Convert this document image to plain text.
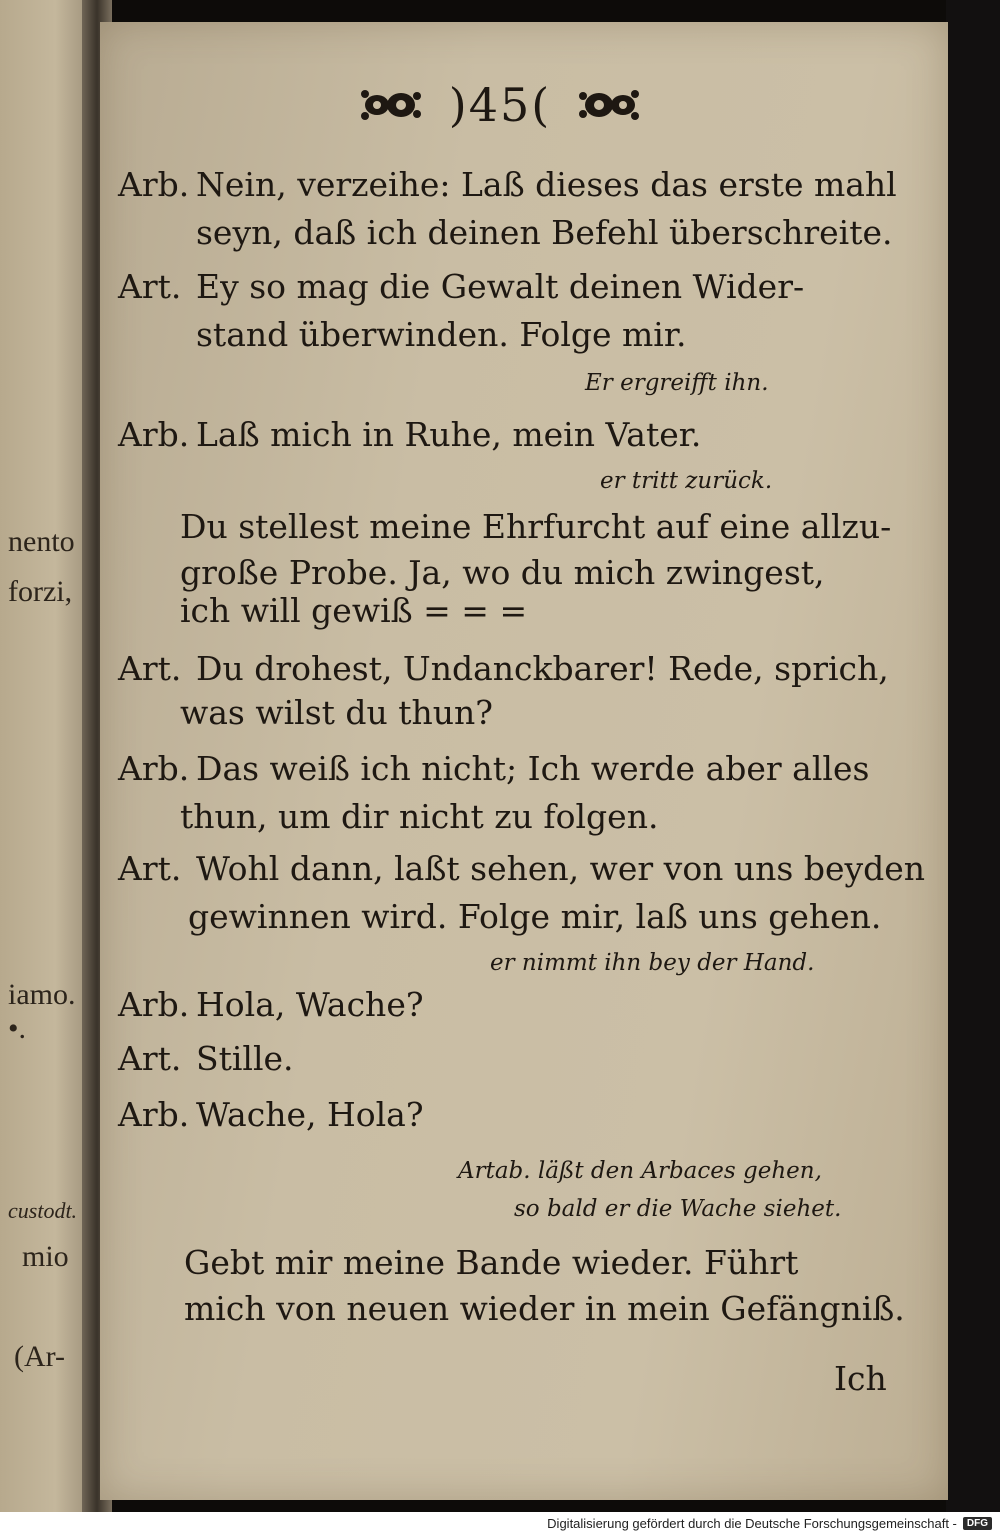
nento
forzi,
iamo.
•.
custodt.
mio
(Ar-
)45(
Arb. Nein, verzeihe: Laß dieses das erste mahl
seyn, daß ich deinen Befehl überschreite.
Art. Ey so mag die Gewalt deinen Wider-
stand überwinden. Folge mir.
Er ergreifft ihn.
Arb. Laß mich in Ruhe, mein Vater.
er tritt zurück.
Du stellest meine Ehrfurcht auf eine allzu-
große Probe. Ja, wo du mich zwingest,
ich will gewiß = = =
Art. Du drohest, Undanckbarer! Rede, sprich,
was wilst du thun?
Arb. Das weiß ich nicht; Ich werde aber alles
thun, um dir nicht zu folgen.
Art. Wohl dann, laßt sehen, wer von uns beyden
gewinnen wird. Folge mir, laß uns gehen.
er nimmt ihn bey der Hand.
Arb. Hola, Wache?
Art. Stille.
Arb. Wache, Hola?
Artab. läßt den Arbaces gehen,
so bald er die Wache siehet.
Gebt mir meine Bande wieder. Führt
mich von neuen wieder in mein Gefängniß.
Ich
Digitalisierung gefördert durch die Deutsche Forschungsgemeinschaft -	DFG
